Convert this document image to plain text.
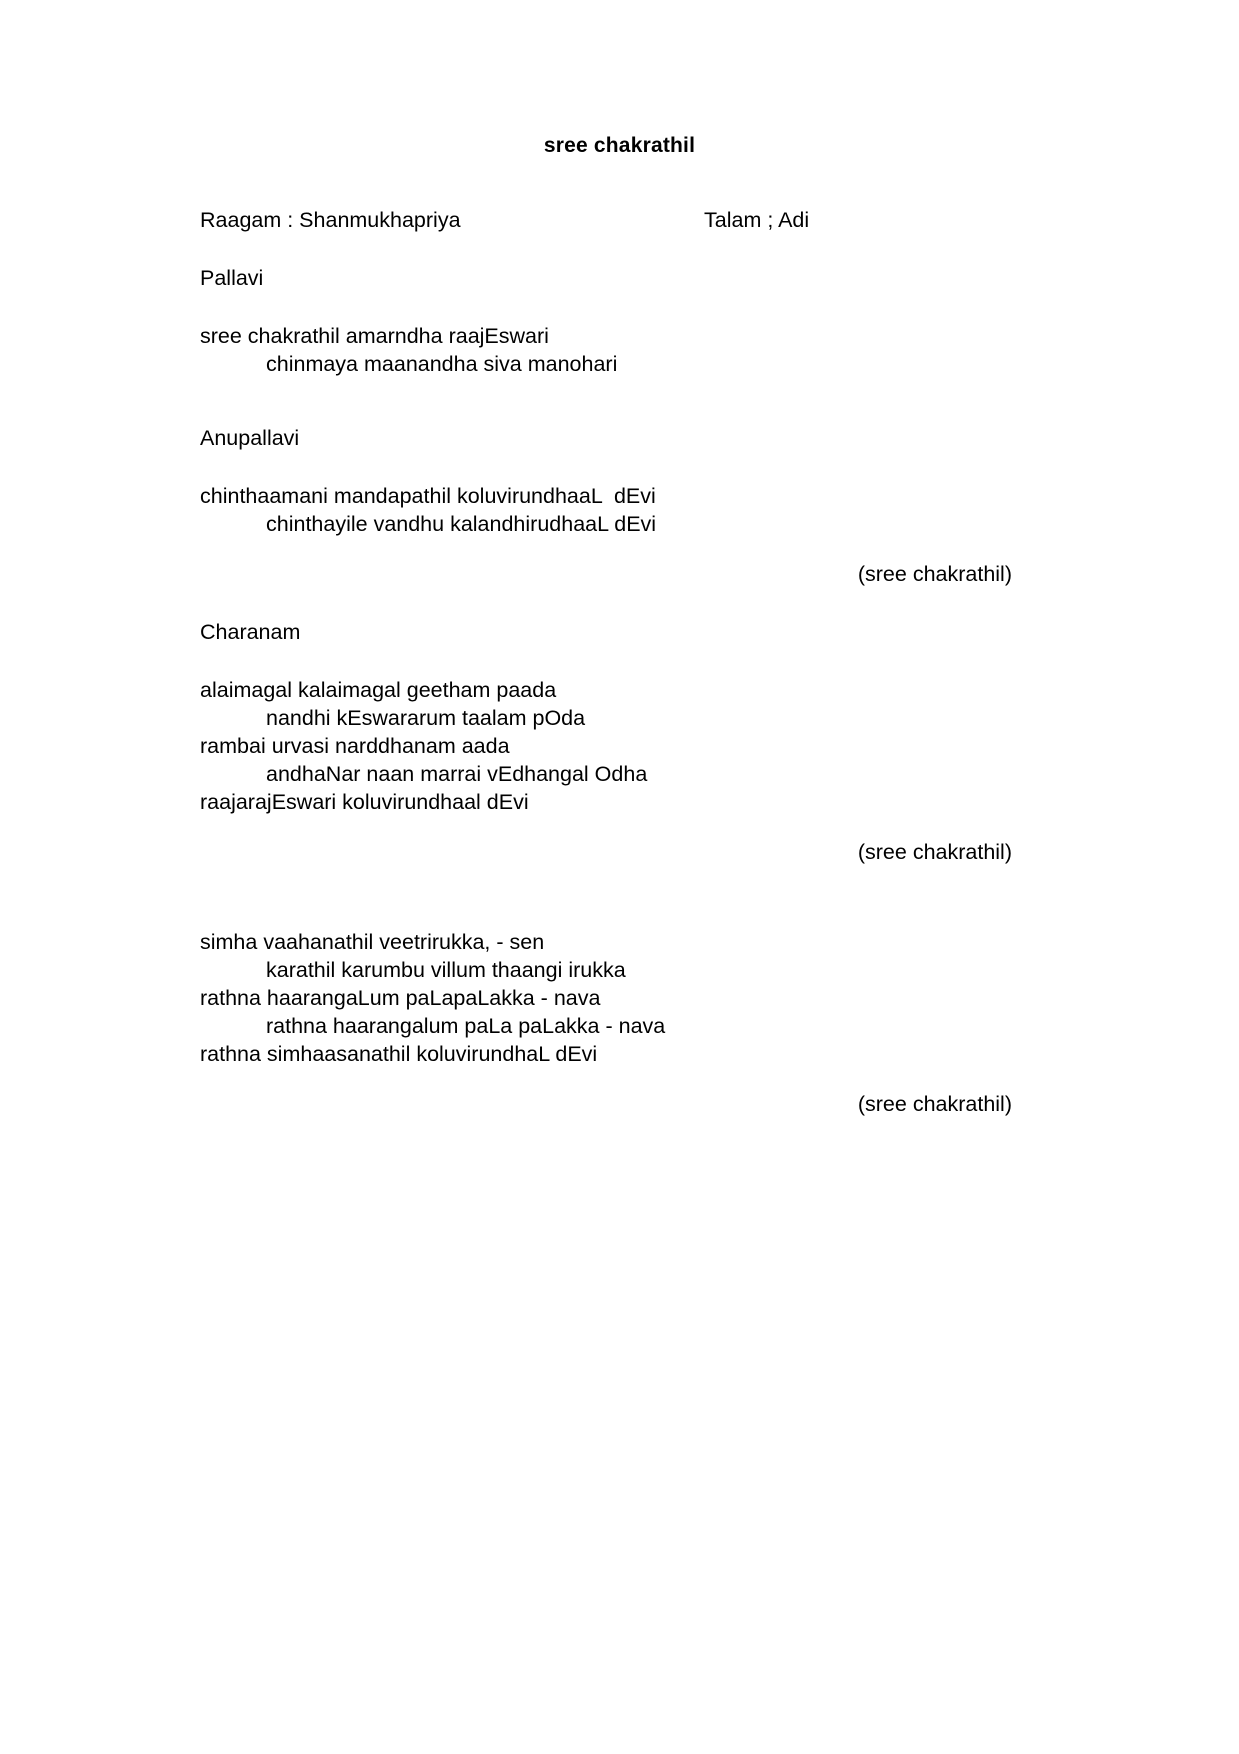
sree chakrathil
Raagam : Shanmukhapriya	Talam ; Adi
Pallavi
sree chakrathil amarndha raajEswari
chinmaya maanandha siva manohari
Anupallavi
chinthaamani mandapathil koluvirundhaaL  dEvi
chinthayile vandhu kalandhirudhaaL dEvi
(sree chakrathil)
Charanam
alaimagal kalaimagal geetham paada
nandhi kEswararum taalam pOda
rambai urvasi narddhanam aada
andhaNar naan marrai vEdhangal Odha
raajarajEswari koluvirundhaal dEvi
(sree chakrathil)
simha vaahanathil veetrirukka, - sen
karathil karumbu villum thaangi irukka
rathna haarangaLum paLapaLakka - nava
rathna haarangalum paLa paLakka - nava
rathna simhaasanathil koluvirundhaL dEvi
(sree chakrathil)
